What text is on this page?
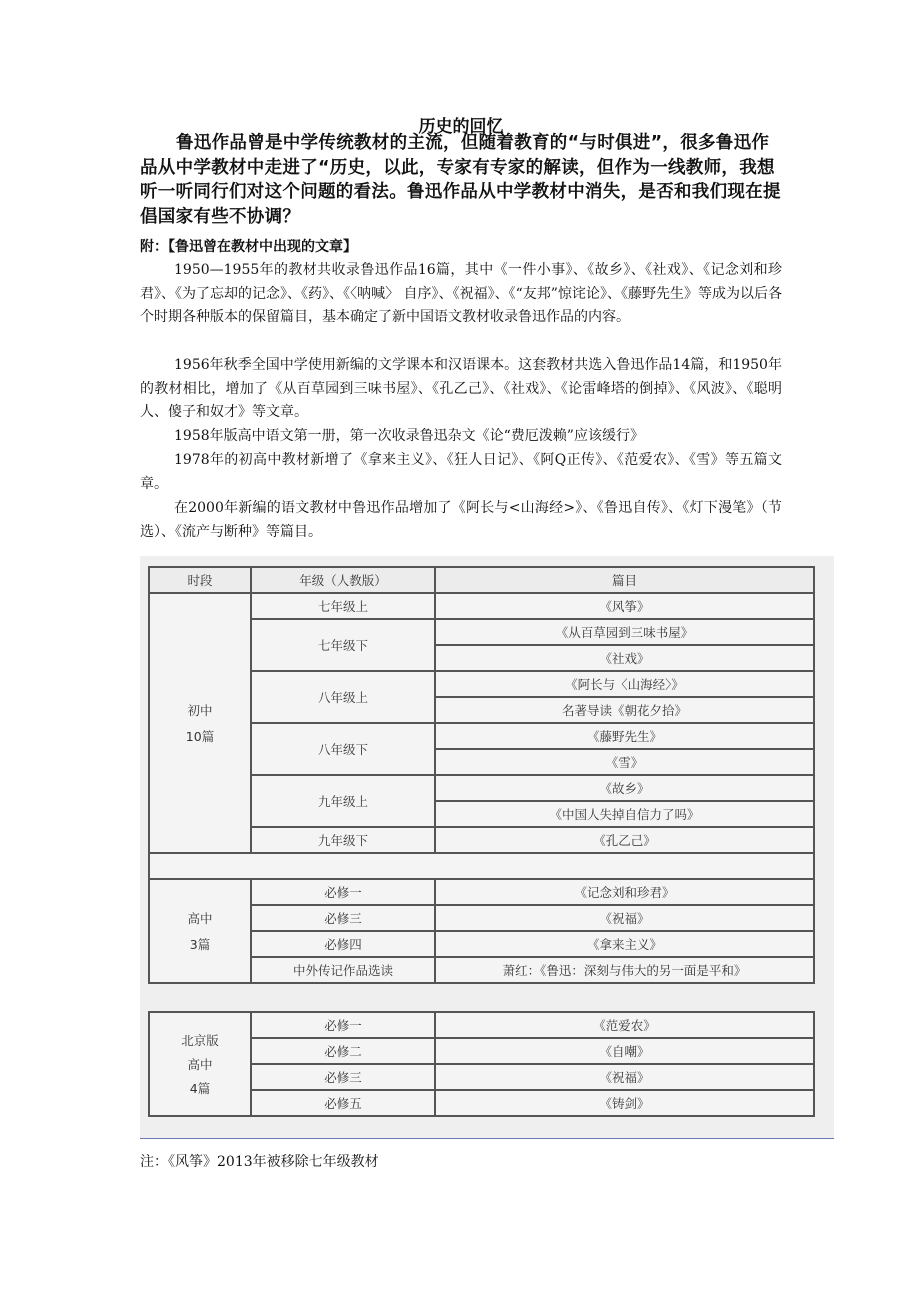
历史的回忆

鲁迅作品曾是中学传统教材的主流，但随着教育的“与时俱进”，很多鲁迅作品从中学教材中走进了“历史，以此，专家有专家的解读，但作为一线教师，我想听一听同行们对这个问题的看法。鲁迅作品从中学教材中消失，是否和我们现在提倡国家有些不协调？

附：【鲁迅曾在教材中出现的文章】

1950—1955年的教材共收录鲁迅作品16篇，其中《一件小事》、《故乡》、《社戏》、《记念刘和珍君》、《为了忘却的记念》、《药》、《〈呐喊〉 自序》、《祝福》、《“友邦”惊诧论》、《藤野先生》等成为以后各个时期各种版本的保留篇目，基本确定了新中国语文教材收录鲁迅作品的内容。

1956年秋季全国中学使用新编的文学课本和汉语课本。这套教材共选入鲁迅作品14篇，和1950年的教材相比，增加了《从百草园到三味书屋》、《孔乙己》、《社戏》、《论雷峰塔的倒掉》、《风波》、《聪明人、傻子和奴才》等文章。

1958年版高中语文第一册，第一次收录鲁迅杂文《论“费厄泼赖”应该缓行》

1978年的初高中教材新增了《拿来主义》、《狂人日记》、《阿Q正传》、《范爱农》、《雪》等五篇文章。

在2000年新编的语文教材中鲁迅作品增加了《阿长与<山海经>》、《鲁迅自传》、《灯下漫笔》（节选）、《流产与断种》等篇目。

时段	年级（人教版）	篇目

初中
10篇	七年级上	《风筝》
	七年级下	《从百草园到三味书屋》
		《社戏》
	八年级上	《阿长与〈山海经〉》
		名著导读《朝花夕拾》
	八年级下	《藤野先生》
		《雪》
	九年级上	《故乡》
		《中国人失掉自信力了吗》
	九年级下	《孔乙己》

高中
3篇	必修一	《记念刘和珍君》
	必修三	《祝福》
	必修四	《拿来主义》
	中外传记作品选读	萧红：《鲁迅：深刻与伟大的另一面是平和》
北京版
高中
4篇	必修一	《范爱农》
	必修二	《自嘲》
	必修三	《祝福》
	必修五	《铸剑》
注：《风筝》2013年被移除七年级教材
